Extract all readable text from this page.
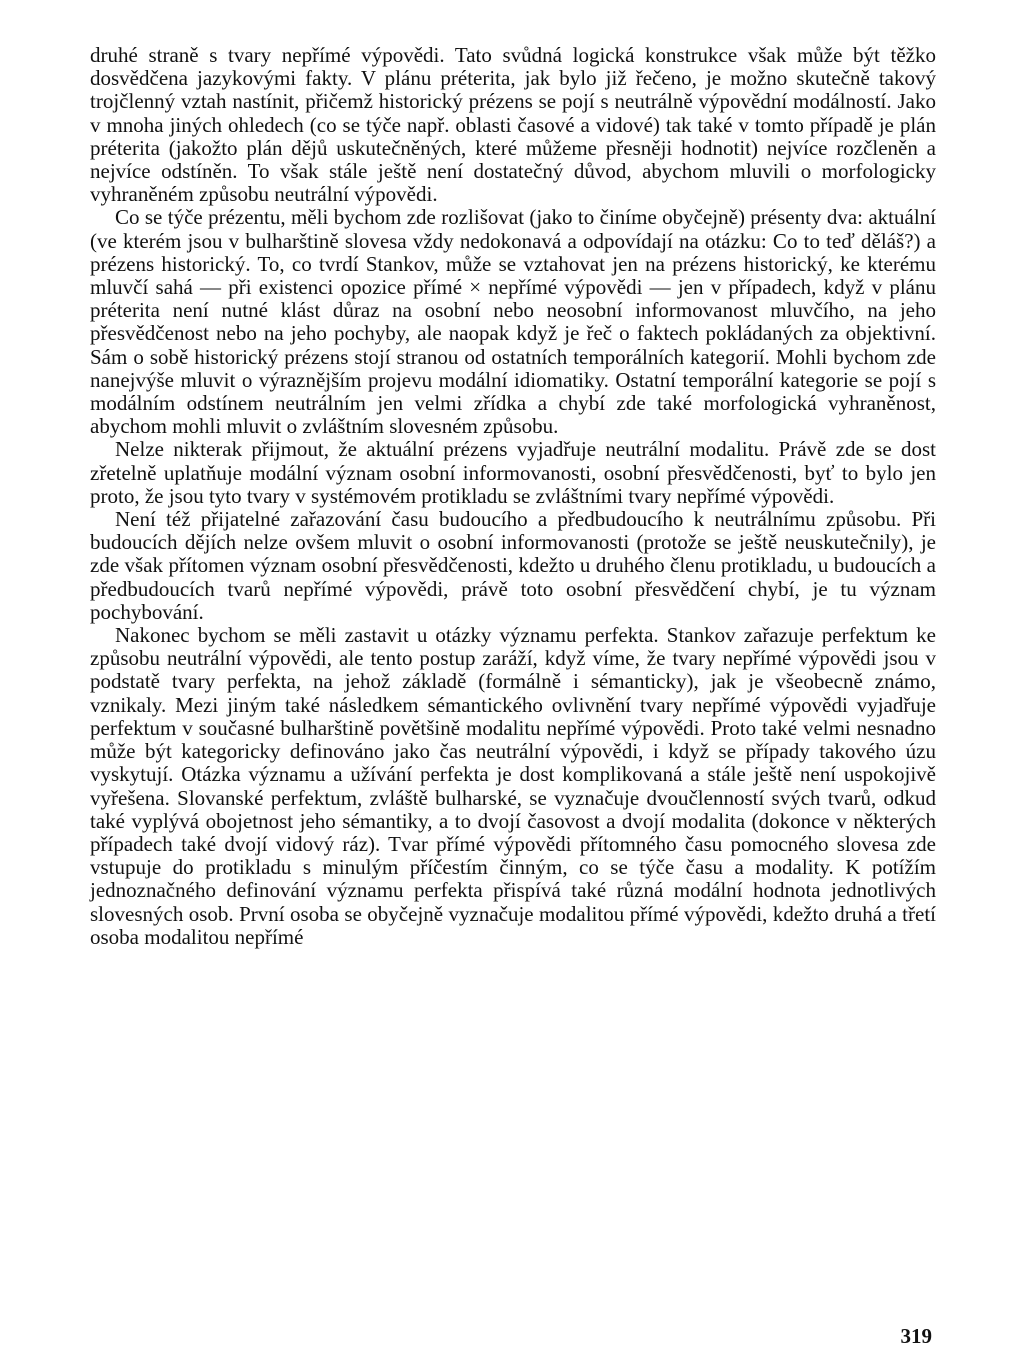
druhé straně s tvary nepřímé výpovědi. Tato svůdná logická konstrukce však může být těžko dosvědčena jazykovými fakty. V plánu préterita, jak bylo již řečeno, je možno skutečně takový trojčlenný vztah nastínit, přičemž historický prézens se pojí s neutrálně výpovědní modálností. Jako v mnoha jiných ohledech (co se týče např. oblasti časové a vidové) tak také v tomto případě je plán préterita (jakožto plán dějů uskutečněných, které můžeme přesněji hodnotit) nejvíce rozčleněn a nejvíce odstíněn. To však stále ještě není dostatečný důvod, abychom mluvili o morfologicky vyhraněném způsobu neutrální výpovědi.

Co se týče prézentu, měli bychom zde rozlišovat (jako to činíme obyčejně) présenty dva: aktuální (ve kterém jsou v bulharštině slovesa vždy nedokonavá a odpovídají na otázku: Co to teď děláš?) a prézens historický. To, co tvrdí Stankov, může se vztahovat jen na prézens historický, ke kterému mluvčí sahá — při existenci opozice přímé × nepřímé výpovědi — jen v případech, když v plánu préterita není nutné klást důraz na osobní nebo neosobní informovanost mluvčího, na jeho přesvědčenost nebo na jeho pochyby, ale naopak když je řeč o faktech pokládaných za objektivní. Sám o sobě historický prézens stojí stranou od ostatních temporálních kategorií. Mohli bychom zde nanejvýše mluvit o výraznějším projevu modální idiomatiky. Ostatní temporální kategorie se pojí s modálním odstínem neutrálním jen velmi zřídka a chybí zde také morfologická vyhraněnost, abychom mohli mluvit o zvláštním slovesném způsobu.

Nelze nikterak přijmout, že aktuální prézens vyjadřuje neutrální modalitu. Právě zde se dost zřetelně uplatňuje modální význam osobní informovanosti, osobní přesvědčenosti, byť to bylo jen proto, že jsou tyto tvary v systémovém protikladu se zvláštními tvary nepřímé výpovědi.

Není též přijatelné zařazování času budoucího a předbudoucího k neutrálnímu způsobu. Při budoucích dějích nelze ovšem mluvit o osobní informovanosti (protože se ještě neuskutečnily), je zde však přítomen význam osobní přesvědčenosti, kdežto u druhého členu protikladu, u budoucích a předbudoucích tvarů nepřímé výpovědi, právě toto osobní přesvědčení chybí, je tu význam pochybování.

Nakonec bychom se měli zastavit u otázky významu perfekta. Stankov zařazuje perfektum ke způsobu neutrální výpovědi, ale tento postup zaráží, když víme, že tvary nepřímé výpovědi jsou v podstatě tvary perfekta, na jehož základě (formálně i sémanticky), jak je všeobecně známo, vznikaly. Mezi jiným také následkem sémantického ovlivnění tvary nepřímé výpovědi vyjadřuje perfektum v současné bulharštině povětšině modalitu nepřímé výpovědi. Proto také velmi nesnadno může být kategoricky definováno jako čas neutrální výpovědi, i když se případy takového úzu vyskytují. Otázka významu a užívání perfekta je dost komplikovaná a stále ještě není uspokojivě vyřešena. Slovanské perfektum, zvláště bulharské, se vyznačuje dvoučlenností svých tvarů, odkud také vyplývá obojetnost jeho sémantiky, a to dvojí časovost a dvojí modalita (dokonce v některých případech také dvojí vidový ráz). Tvar přímé výpovědi přítomného času pomocného slovesa zde vstupuje do protikladu s minulým příčestím činným, co se týče času a modality. K potížím jednoznačného definování významu perfekta přispívá také různá modální hodnota jednotlivých slovesných osob. První osoba se obyčejně vyznačuje modalitou přímé výpovědi, kdežto druhá a třetí osoba modalitou nepřímé

319
